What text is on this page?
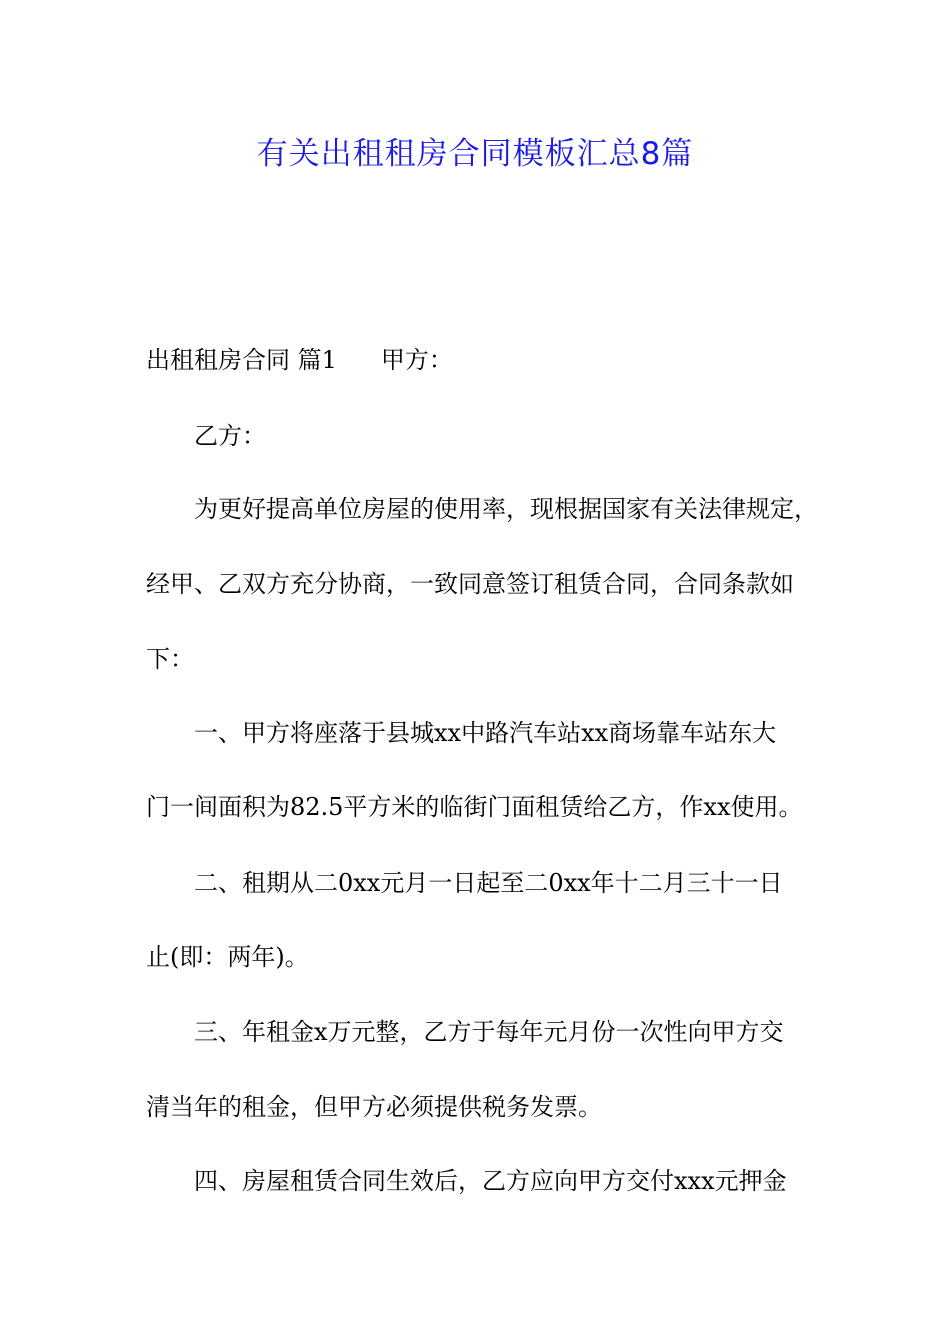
有关出租租房合同模板汇总8篇
出租租房合同 篇1 甲方：
乙方：
为更好提高单位房屋的使用率，现根据国家有关法律规定，
经甲、乙双方充分协商，一致同意签订租赁合同，合同条款如
下：
一、甲方将座落于县城xx中路汽车站xx商场靠车站东大
门一间面积为82.5平方米的临街门面租赁给乙方，作xx使用。
二、租期从二0xx元月一日起至二0xx年十二月三十一日
止(即：两年)。
三、年租金x万元整，乙方于每年元月份一次性向甲方交
清当年的租金，但甲方必须提供税务发票。
四、房屋租赁合同生效后，乙方应向甲方交付xxx元押金
